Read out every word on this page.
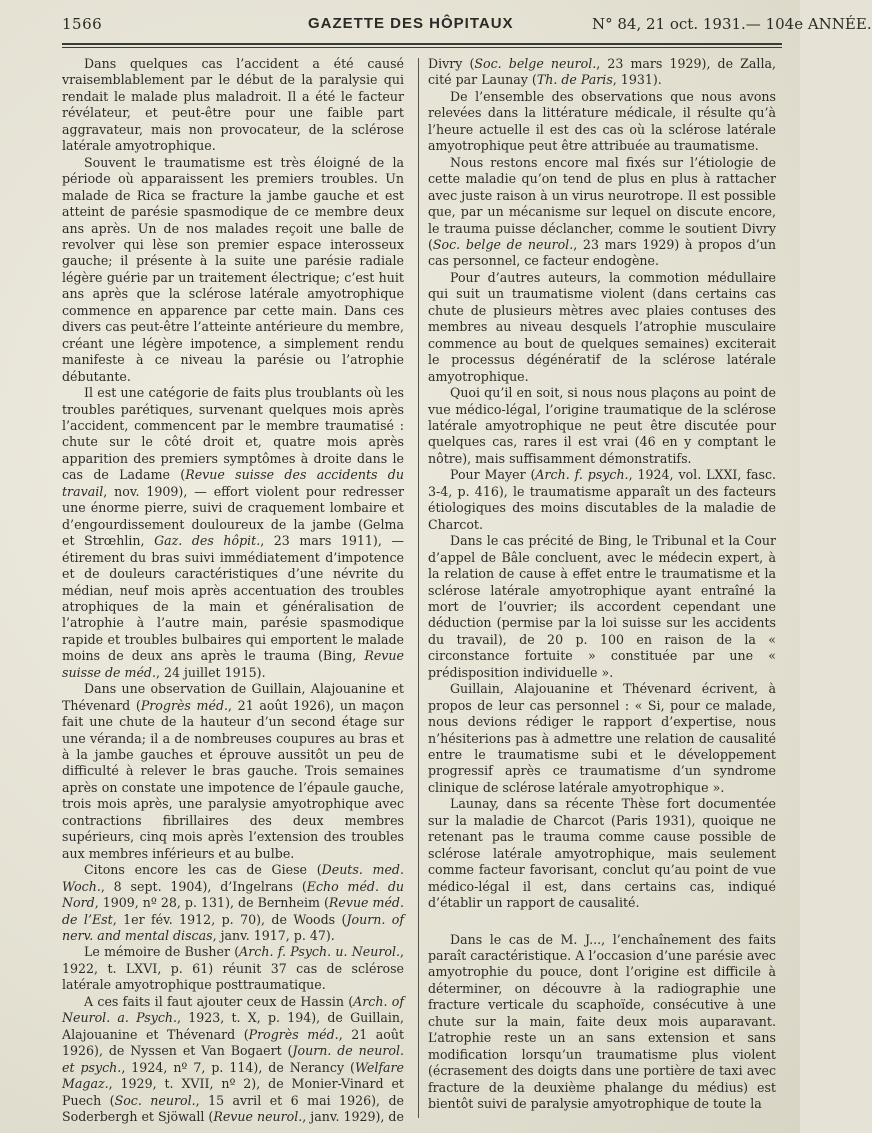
1566	GAZETTE DES HÔPITAUX	N° 84, 21 oct. 1931.— 104e ANNÉE.

Dans quelques cas l’accident a été causé vraisemblablement par le début de la paralysie qui rendait le malade plus maladroit. Il a été le facteur révélateur, et peut-être pour une faible part aggravateur, mais non provocateur, de la sclérose latérale amyotrophique.

Souvent le traumatisme est très éloigné de la période où apparaissent les premiers troubles. Un malade de Rica se fracture la jambe gauche et est atteint de parésie spasmodique de ce membre deux ans après. Un de nos malades reçoit une balle de revolver qui lèse son premier espace interosseux gauche; il présente à la suite une parésie radiale légère guérie par un traitement électrique; c’est huit ans après que la sclérose latérale amyotrophique commence en apparence par cette main. Dans ces divers cas peut-être l’atteinte antérieure du membre, créant une légère impotence, a simplement rendu manifeste à ce niveau la parésie ou l’atrophie débutante.

Il est une catégorie de faits plus troublants où les troubles parétiques, survenant quelques mois après l’accident, commencent par le membre traumatisé : chute sur le côté droit et, quatre mois après apparition des premiers symptômes à droite dans le cas de Ladame (Revue suisse des accidents du travail, nov. 1909), — effort violent pour redresser une énorme pierre, suivi de craquement lombaire et d’engourdissement douloureux de la jambe (Gelma et Strœhlin, Gaz. des hôpit., 23 mars 1911), — étirement du bras suivi immédiatement d’impotence et de douleurs caractéristiques d’une névrite du médian, neuf mois après accentuation des troubles atrophiques de la main et généralisation de l’atrophie à l’autre main, parésie spasmodique rapide et troubles bulbaires qui emportent le malade moins de deux ans après le trauma (Bing, Revue suisse de méd., 24 juillet 1915).

Dans une observation de Guillain, Alajouanine et Thévenard (Progrès méd., 21 août 1926), un maçon fait une chute de la hauteur d’un second étage sur une véranda; il a de nombreuses coupures au bras et à la jambe gauches et éprouve aussitôt un peu de difficulté à relever le bras gauche. Trois semaines après on constate une impotence de l’épaule gauche, trois mois après, une paralysie amyotrophique avec contractions fibrillaires des deux membres supérieurs, cinq mois après l’extension des troubles aux membres inférieurs et au bulbe.

Citons encore les cas de Giese (Deuts. med. Woch., 8 sept. 1904), d’Ingelrans (Echo méd. du Nord, 1909, nº 28, p. 131), de Bernheim (Revue méd. de l’Est, 1er fév. 1912, p. 70), de Woods (Journ. of nerv. and mental discas, janv. 1917, p. 47).

Le mémoire de Busher (Arch. f. Psych. u. Neurol., 1922, t. LXVI, p. 61) réunit 37 cas de sclérose latérale amyotrophique posttraumatique.

A ces faits il faut ajouter ceux de Hassin (Arch. of Neurol. a. Psych., 1923, t. X, p. 194), de Guillain, Alajouanine et Thévenard (Progrès méd., 21 août 1926), de Nyssen et Van Bogaert (Journ. de neurol. et psych., 1924, nº 7, p. 114), de Nerancy (Welfare Magaz., 1929, t. XVII, nº 2), de Monier-Vinard et Puech (Soc. neurol., 15 avril et 6 mai 1926), de Soderbergh et Sjöwall (Revue neurol., janv. 1929), de

Divry (Soc. belge neurol., 23 mars 1929), de Zalla, cité par Launay (Th. de Paris, 1931).

De l’ensemble des observations que nous avons relevées dans la littérature médicale, il résulte qu’à l’heure actuelle il est des cas où la sclérose latérale amyotrophique peut être attribuée au traumatisme.

Nous restons encore mal fixés sur l’étiologie de cette maladie qu’on tend de plus en plus à rattacher avec juste raison à un virus neurotrope. Il est possible que, par un mécanisme sur lequel on discute encore, le trauma puisse déclancher, comme le soutient Divry (Soc. belge de neurol., 23 mars 1929) à propos d’un cas personnel, ce facteur endogène.

Pour d’autres auteurs, la commotion médullaire qui suit un traumatisme violent (dans certains cas chute de plusieurs mètres avec plaies contuses des membres au niveau desquels l’atrophie musculaire commence au bout de quelques semaines) exciterait le processus dégénératif de la sclérose latérale amyotrophique.

Quoi qu’il en soit, si nous nous plaçons au point de vue médico-légal, l’origine traumatique de la sclérose latérale amyotrophique ne peut être discutée pour quelques cas, rares il est vrai (46 en y comptant le nôtre), mais suffisamment démonstratifs.

Pour Mayer (Arch. f. psych., 1924, vol. LXXI, fasc. 3-4, p. 416), le traumatisme apparaît un des facteurs étiologiques des moins discutables de la maladie de Charcot.

Dans le cas précité de Bing, le Tribunal et la Cour d’appel de Bâle concluent, avec le médecin expert, à la relation de cause à effet entre le traumatisme et la sclérose latérale amyotrophique ayant entraîné la mort de l’ouvrier; ils accordent cependant une déduction (permise par la loi suisse sur les accidents du travail), de 20 p. 100 en raison de la « circonstance fortuite » constituée par une « prédisposition individuelle ».

Guillain, Alajouanine et Thévenard écrivent, à propos de leur cas personnel : « Si, pour ce malade, nous devions rédiger le rapport d’expertise, nous n’hésiterions pas à admettre une relation de causalité entre le traumatisme subi et le développement progressif après ce traumatisme d’un syndrome clinique de sclérose latérale amyotrophique ».

Launay, dans sa récente Thèse fort documentée sur la maladie de Charcot (Paris 1931), quoique ne retenant pas le trauma comme cause possible de sclérose latérale amyotrophique, mais seulement comme facteur favorisant, conclut qu’au point de vue médico-légal il est, dans certains cas, indiqué d’établir un rapport de causalité.

Dans le cas de M. J..., l’enchaînement des faits paraît caractéristique. A l’occasion d’une parésie avec amyotrophie du pouce, dont l’origine est difficile à déterminer, on découvre à la radiographie une fracture verticale du scaphoïde, consécutive à une chute sur la main, faite deux mois auparavant. L’atrophie reste un an sans extension et sans modification lorsqu’un traumatisme plus violent (écrasement des doigts dans une portière de taxi avec fracture de la deuxième phalange du médius) est bientôt suivi de paralysie amyotrophique de toute la
